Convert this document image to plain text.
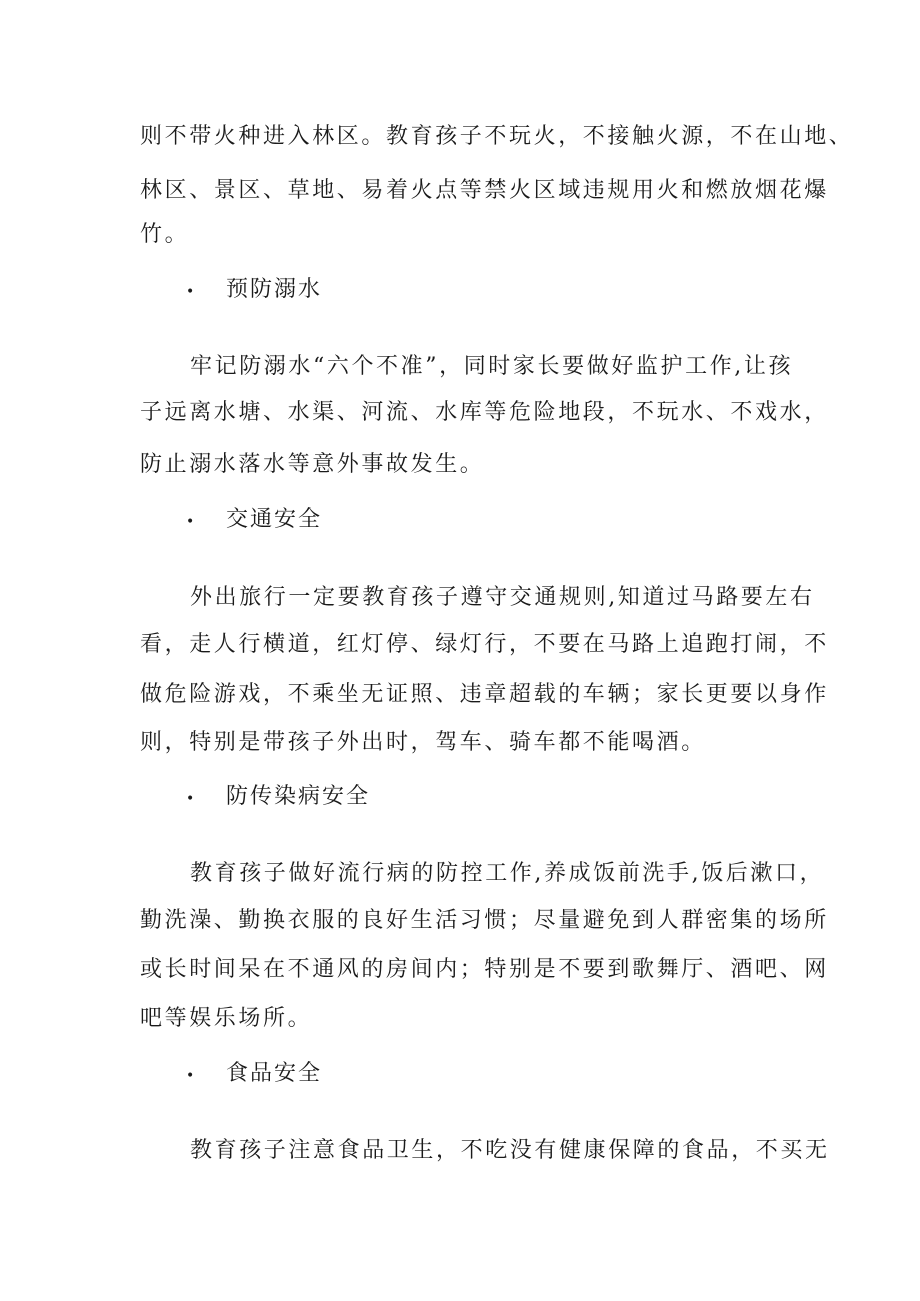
则不带火种进入林区。教育孩子不玩火，不接触火源，不在山地、
林区、景区、草地、易着火点等禁火区域违规用火和燃放烟花爆
竹。
• 预防溺水
牢记防溺水“六个不准”，同时家长要做好监护工作,让孩
子远离水塘、水渠、河流、水库等危险地段，不玩水、不戏水，
防止溺水落水等意外事故发生。
• 交通安全
外出旅行一定要教育孩子遵守交通规则,知道过马路要左右
看，走人行横道，红灯停、绿灯行，不要在马路上追跑打闹，不
做危险游戏，不乘坐无证照、违章超载的车辆；家长更要以身作
则，特别是带孩子外出时，驾车、骑车都不能喝酒。
• 防传染病安全
教育孩子做好流行病的防控工作,养成饭前洗手,饭后漱口，
勤洗澡、勤换衣服的良好生活习惯；尽量避免到人群密集的场所
或长时间呆在不通风的房间内；特别是不要到歌舞厅、酒吧、网
吧等娱乐场所。
• 食品安全
教育孩子注意食品卫生，不吃没有健康保障的食品，不买无
